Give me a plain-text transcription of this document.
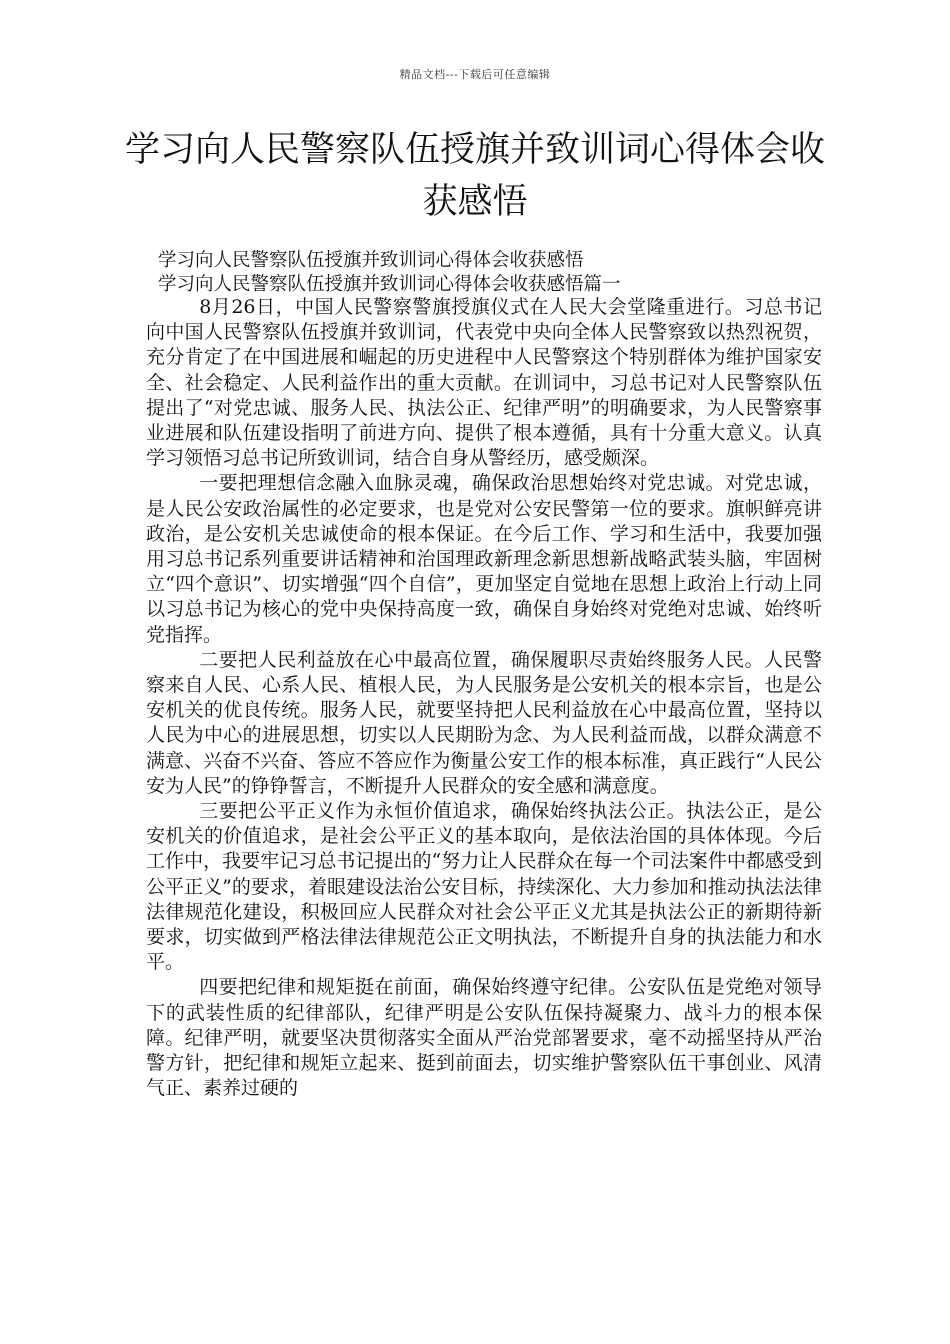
精品文档---下载后可任意编辑
学习向人民警察队伍授旗并致训词心得体会收获感悟
学习向人民警察队伍授旗并致训词心得体会收获感悟
学习向人民警察队伍授旗并致训词心得体会收获感悟篇一

8月26日，中国人民警察警旗授旗仪式在人民大会堂隆重进行。习总书记向中国人民警察队伍授旗并致训词，代表党中央向全体人民警察致以热烈祝贺，充分肯定了在中国进展和崛起的历史进程中人民警察这个特别群体为维护国家安全、社会稳定、人民利益作出的重大贡献。在训词中，习总书记对人民警察队伍提出了“对党忠诚、服务人民、执法公正、纪律严明”的明确要求，为人民警察事业进展和队伍建设指明了前进方向、提供了根本遵循，具有十分重大意义。认真学习领悟习总书记所致训词，结合自身从警经历，感受颇深。

一要把理想信念融入血脉灵魂，确保政治思想始终对党忠诚。对党忠诚，是人民公安政治属性的必定要求，也是党对公安民警第一位的要求。旗帜鲜亮讲政治，是公安机关忠诚使命的根本保证。在今后工作、学习和生活中，我要加强用习总书记系列重要讲话精神和治国理政新理念新思想新战略武装头脑，牢固树立“四个意识”、切实增强“四个自信”，更加坚定自觉地在思想上政治上行动上同以习总书记为核心的党中央保持高度一致，确保自身始终对党绝对忠诚、始终听党指挥。

二要把人民利益放在心中最高位置，确保履职尽责始终服务人民。人民警察来自人民、心系人民、植根人民，为人民服务是公安机关的根本宗旨，也是公安机关的优良传统。服务人民，就要坚持把人民利益放在心中最高位置，坚持以人民为中心的进展思想，切实以人民期盼为念、为人民利益而战，以群众满意不满意、兴奋不兴奋、答应不答应作为衡量公安工作的根本标准，真正践行“人民公安为人民”的铮铮誓言，不断提升人民群众的安全感和满意度。

三要把公平正义作为永恒价值追求，确保始终执法公正。执法公正，是公安机关的价值追求，是社会公平正义的基本取向，是依法治国的具体体现。今后工作中，我要牢记习总书记提出的“努力让人民群众在每一个司法案件中都感受到公平正义”的要求，着眼建设法治公安目标，持续深化、大力参加和推动执法法律法律规范化建设，积极回应人民群众对社会公平正义尤其是执法公正的新期待新要求，切实做到严格法律法律规范公正文明执法，不断提升自身的执法能力和水平。

四要把纪律和规矩挺在前面，确保始终遵守纪律。公安队伍是党绝对领导下的武装性质的纪律部队，纪律严明是公安队伍保持凝聚力、战斗力的根本保障。纪律严明，就要坚决贯彻落实全面从严治党部署要求，毫不动摇坚持从严治警方针，把纪律和规矩立起来、挺到前面去，切实维护警察队伍干事创业、风清气正、素养过硬的
